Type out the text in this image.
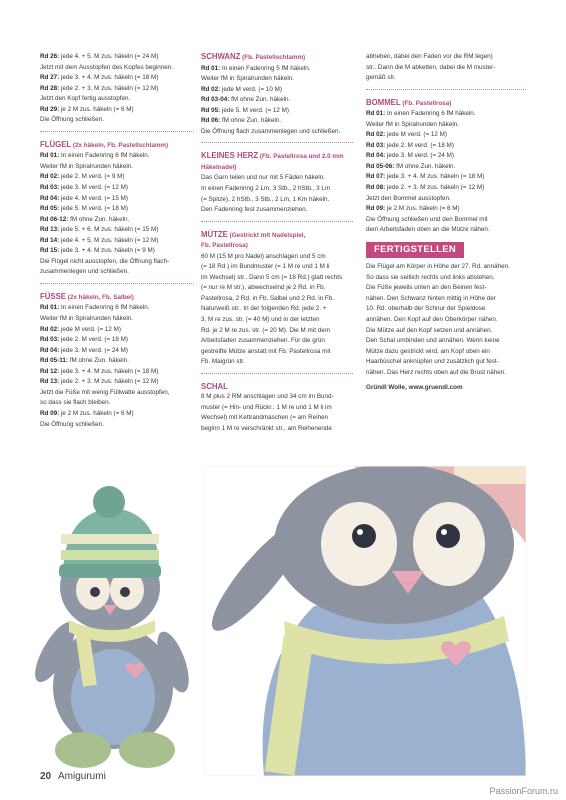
Rd 26: jede 4. + 5. M zus. häkeln (= 24 M)
Jetzt mit dem Ausstopfen des Kopfes beginnen.
Rd 27: jede 3. + 4. M zus. häkeln (= 18 M)
Rd 28: jede 2. + 3. M zus. häkeln (= 12 M)
Jetzt den Kopf fertig ausstopfen.
Rd 29: je 2 M zus. häkeln (= 6 M)
Die Öffnung schließen.
FLÜGEL (2x häkeln, Fb. Pastellschlamm)
Rd 01: In einen Fadenring 6 fM häkeln.
Weiter fM in Spiralrunden häkeln.
Rd 02: jede 2. M verd. (= 9 M)
Rd 03: jede 3. M verd. (= 12 M)
Rd 04: jede 4. M verd. (= 15 M)
Rd 05: jede 5. M verd. (= 18 M)
Rd 06-12: fM ohne Zun. häkeln.
Rd 13: jede 5. + 6. M zus. häkeln (= 15 M)
Rd 14: jede 4. + 5. M zus. häkeln (= 12 M)
Rd 15: jede 3. + 4. M zus. häkeln (= 9 M)
Die Flügel nicht ausstopfen, die Öffnung flach-
zusammenlegen und schließen.
FÜSSE (2x häkeln, Fb. Salbei)
Rd 01: In einen Fadenring 6 fM häkeln.
Weiter fM in Spiralrunden häkeln.
Rd 02: jede M verd. (= 12 M)
Rd 03: jede 2. M verd. (= 18 M)
Rd 04: jede 3. M verd. (= 24 M)
Rd 05-11: fM ohne Zun. häkeln.
Rd 12: jede 3. + 4. M zus. häkeln (= 18 M)
Rd 13: jede 2. + 3. M zus. häkeln (= 12 M)
Jetzt die Füße mit wenig Füllwatte ausstopfen,
so dass sie flach bleiben.
Rd 09: je 2 M zus. häkeln (= 6 M)
Die Öffnung schließen.
SCHWANZ (Fb. Pastellschlamm)
Rd 01: In einen Fadenring 5 fM häkeln.
Weiter fM in Spiralrunden häkeln.
Rd 02: jede M verd. (= 10 M)
Rd 03-04: fM ohne Zun. häkeln.
Rd 05: jede 5. M verd. (= 12 M)
Rd 06: fM ohne Zun. häkeln.
Die Öffnung flach zusammenlegen und schließen.
KLEINES HERZ (Fb. Pastellrosa und 2.0 mm
Häkelnadel)
Das Garn teilen und nur mit 5 Fäden häkeln.
In einen Fadenring 2 Lm, 3 Stb., 2 hStb., 3 Lm
(= Spitze), 2 hStb., 3 Stb., 2 Lm, 1 Km häkeln.
Den Fadenring fest zusammenziehen.
MÜTZE (Gestrickt mit Nadelspiel,
Fb. Pastellrosa)
60 M (15 M pro Nadel) anschlagen und 5 cm
(= 18 Rd.) im Bundmuster (= 1 M re und 1 M li
im Wechsel) str.. Dann 5 cm (= 18 Rd.) glatt rechts
(= nur re M str.), abwechselnd je 2 Rd. in Fb.
Pastellrosa, 2 Rd. in Fb. Salbei und 2 Rd. in Fb.
Naturweiß str.. In der folgenden Rd. jede 2. +
3. M re zus. str. (= 40 M) und in der letzten
Rd. je 2 M re zus. str. (= 20 M). Die M mit dem
Arbeitsfaden zusammenziehen. Für die grün
gestreifte Mütze anstatt mit Fb. Pastellrosa mit
Fb. Maigrün str.
SCHAL
8 M plus 2 RM anschlagen und 34 cm im Bund-
muster (= Hin- und Rückr.: 1 M re und 1 M li im
Wechsel) mit Kettrandmaschen (= am Reihen
beginn 1 M re verschränkt str., am Reihenende
abheben, dabei den Faden vor die RM legen)
str.. Dann die M abketten, dabei die M muster-
gemäß str.
BOMMEL (Fb. Pastellrosa)
Rd 01: In einen Fadenring 6 fM häkeln.
Weiter fM in Spiralrunden häkeln.
Rd 02: jede M verd. (= 12 M)
Rd 03: jede 2. M verd. (= 18 M)
Rd 04: jede 3. M verd. (= 24 M)
Rd 05-06: fM ohne Zun. häkeln.
Rd 07: jede 3. + 4. M zus. häkeln (= 18 M)
Rd 08: jede 2. + 3. M zus. häkeln (= 12 M)
Jetzt den Bommel ausstopfen.
Rd 09: je 2 M zus. häkeln (= 6 M)
Die Öffnung schließen und den Bommel mit
dem Arbeitsfaden oben an die Mütze nähen.
FERTIGSTELLEN
Die Flügel am Körper in Höhe der 27. Rd. annähen.
So dass sie seitlich rechts und links abstehen.
Die Füße jeweils unten an den Beinen fest-
nähen. Den Schwanz hinten mittig in Höhe der
10. Rd. oberhalb der Schnur der Spieldose
annähen. Den Kopf auf den Oberkörper nähen.
Die Mütze auf den Kopf setzen und annähen.
Den Schal umbinden und annähen. Wenn keine
Mütze dazu gestrickt wird, am Kopf oben ein
Haarbüschel anknüpfen und zusätzlich gut fest-
nähen. Das Herz rechts oben auf die Brust nähen.
Gründl Wolle, www.gruendl.com
20 Amigurumi
PassionForum.ru
